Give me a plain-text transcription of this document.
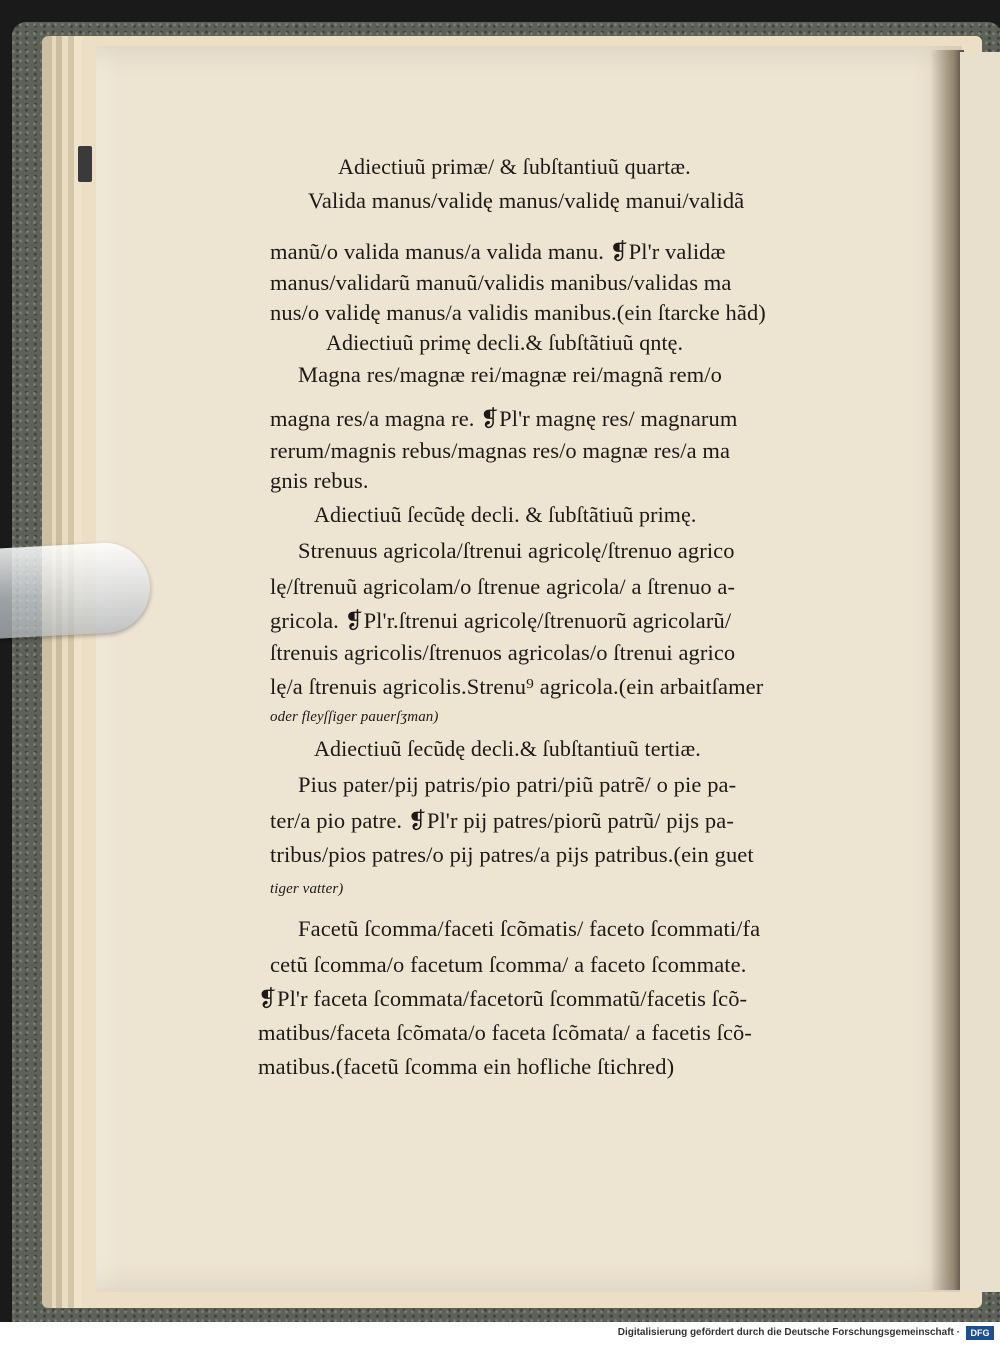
Adiectiuũ primæ/ & ſubſtantiuũ quartæ.
Valida manus/validę manus/validę manui/validã
manũ/o valida manus/a valida manu. ❡Pl'r validæ
manus/validarũ manuũ/validis manibus/validas ma
nus/o validę manus/a validis manibus.(ein ſtarcke hãd)
Adiectiuũ primę decli.& ſubſtãtiuũ qntę.
Magna res/magnæ rei/magnæ rei/magnã rem/o
magna res/a magna re. ❡Pl'r magnę res/ magnarum
rerum/magnis rebus/magnas res/o magnæ res/a ma
gnis rebus.
Adiectiuũ ſecũdę decli. & ſubſtãtiuũ primę.
Strenuus agricola/ſtrenui agricolę/ſtrenuo agrico
lę/ſtrenuũ agricolam/o ſtrenue agricola/ a ſtrenuo a-
gricola. ❡Pl'r.ſtrenui agricolę/ſtrenuorũ agricolarũ/
ſtrenuis agricolis/ſtrenuos agricolas/o ſtrenui agrico
lę/a ſtrenuis agricolis.Strenu⁹ agricola.(ein arbaitſamer
oder fleyſſiger pauerſʒman)
Adiectiuũ ſecũdę decli.& ſubſtantiuũ tertiæ.
Pius pater/pij patris/pio patri/piũ patrẽ/ o pie pa-
ter/a pio patre. ❡Pl'r pij patres/piorũ patrũ/ pijs pa-
tribus/pios patres/o pij patres/a pijs patribus.(ein guet
tiger vatter)
Facetũ ſcomma/faceti ſcõmatis/ faceto ſcommati/fa
cetũ ſcomma/o facetum ſcomma/ a faceto ſcommate.
❡Pl'r faceta ſcommata/facetorũ ſcommatũ/facetis ſcõ-
matibus/faceta ſcõmata/o faceta ſcõmata/ a facetis ſcõ-
matibus.(facetũ ſcomma ein hofliche ſtichred)
Digitalisierung gefördert durch die Deutsche Forschungsgemeinschaft ·	DFG
